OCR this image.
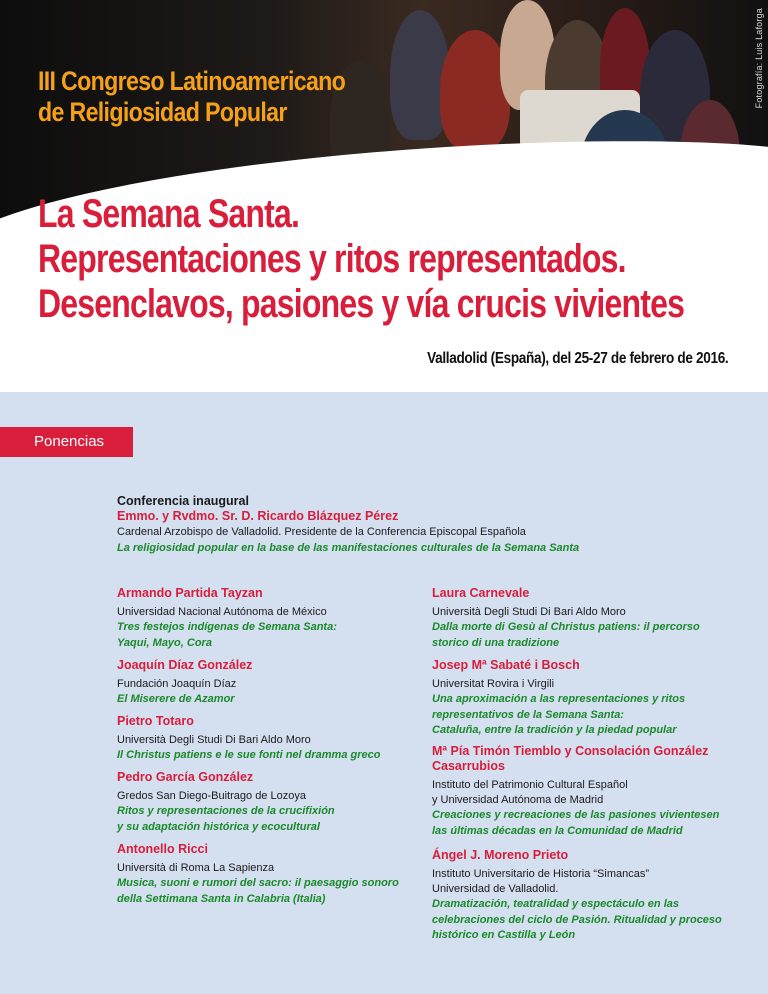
III Congreso Latinoamericano
de Religiosidad Popular
Fotografía: Luis Laforga
La Semana Santa.
Representaciones y ritos representados.
Desenclavos, pasiones y vía crucis vivientes
Valladolid (España), del 25-27 de febrero de 2016.
Ponencias
Conferencia inaugural
Emmo. y Rvdmo. Sr. D. Ricardo Blázquez Pérez
Cardenal Arzobispo de Valladolid. Presidente de la Conferencia Episcopal Española
La religiosidad popular en la base de las manifestaciones culturales de la Semana Santa
Armando Partida Tayzan
Universidad Nacional Autónoma de México
Tres festejos indígenas de Semana Santa:
Yaqui, Mayo, Cora
Joaquín Díaz González
Fundación Joaquín Díaz
El Miserere de Azamor
Pietro Totaro
Università Degli Studi Di Bari Aldo Moro
Il Christus patiens e le sue fonti nel dramma greco
Pedro García González
Gredos San Diego-Buitrago de Lozoya
Ritos y representaciones de la crucifixión
y su adaptación histórica y ecocultural
Antonello Ricci
Università di Roma La Sapienza
Musica, suoni e rumori del sacro: il paesaggio sonoro
della Settimana Santa in Calabria (Italia)
Laura Carnevale
Università Degli Studi Di Bari Aldo Moro
Dalla morte di Gesù al Christus patiens: il percorso
storico di una tradizione
Josep Mª Sabaté i Bosch
Universitat Rovira i Virgili
Una aproximación a las representaciones y ritos
representativos de la Semana Santa:
Cataluña, entre la tradición y la piedad popular
Mª Pía Timón Tiemblo y Consolación González
Casarrubios
Instituto del Patrimonio Cultural Español
y Universidad Autónoma de Madrid
Creaciones y recreaciones de las pasiones vivientesen
las últimas décadas en la Comunidad de Madrid
Ángel J. Moreno Prieto
Instituto Universitario de Historia “Simancas”
Universidad de Valladolid.
Dramatización, teatralidad y espectáculo en las
celebraciones del ciclo de Pasión. Ritualidad y proceso
histórico en Castilla y León
